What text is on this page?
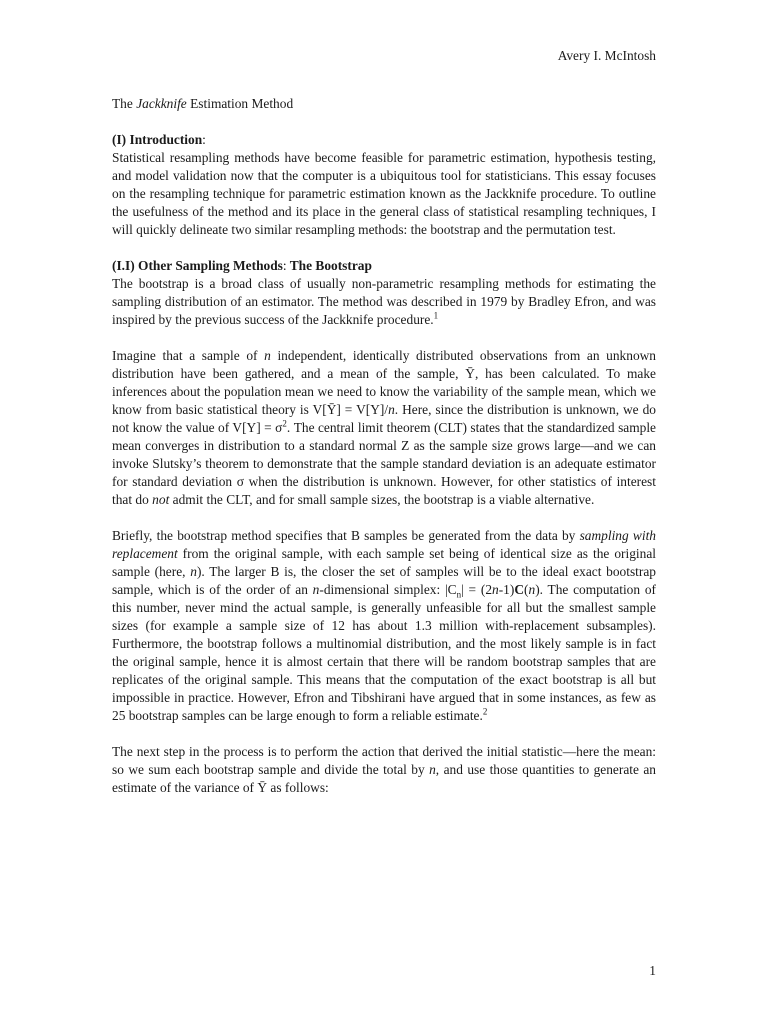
Avery I. McIntosh

The Jackknife Estimation Method

(I) Introduction:

Statistical resampling methods have become feasible for parametric estimation, hypothesis testing, and model validation now that the computer is a ubiquitous tool for statisticians. This essay focuses on the resampling technique for parametric estimation known as the Jackknife procedure. To outline the usefulness of the method and its place in the general class of statistical resampling techniques, I will quickly delineate two similar resampling methods: the bootstrap and the permutation test.

(I.I) Other Sampling Methods: The Bootstrap

The bootstrap is a broad class of usually non-parametric resampling methods for estimating the sampling distribution of an estimator. The method was described in 1979 by Bradley Efron, and was inspired by the previous success of the Jackknife procedure.$^1$

Imagine that a sample of n independent, identically distributed observations from an unknown distribution have been gathered, and a mean of the sample, Ȳ, has been calculated. To make inferences about the population mean we need to know the variability of the sample mean, which we know from basic statistical theory is V[Ȳ] = V[Y]/n. Here, since the distribution is unknown, we do not know the value of $V[Y] = \sigma^2$. The central limit theorem (CLT) states that the standardized sample mean converges in distribution to a standard normal Z as the sample size grows large—and we can invoke Slutsky’s theorem to demonstrate that the sample standard deviation is an adequate estimator for standard deviation σ when the distribution is unknown. However, for other statistics of interest that do not admit the CLT, and for small sample sizes, the bootstrap is a viable alternative.

Briefly, the bootstrap method specifies that B samples be generated from the data by sampling with replacement from the original sample, with each sample set being of identical size as the original sample (here, n). The larger B is, the closer the set of samples will be to the ideal exact bootstrap sample, which is of the order of an n-dimensional simplex: $|C_n| = (2n-1)C(n)$. The computation of this number, never mind the actual sample, is generally unfeasible for all but the smallest sample sizes (for example a sample size of 12 has about 1.3 million with-replacement subsamples). Furthermore, the bootstrap follows a multinomial distribution, and the most likely sample is in fact the original sample, hence it is almost certain that there will be random bootstrap samples that are replicates of the original sample. This means that the computation of the exact bootstrap is all but impossible in practice. However, Efron and Tibshirani have argued that in some instances, as few as 25 bootstrap samples can be large enough to form a reliable estimate.$^2$

The next step in the process is to perform the action that derived the initial statistic—here the mean: so we sum each bootstrap sample and divide the total by n, and use those quantities to generate an estimate of the variance of Ȳ as follows:

1
